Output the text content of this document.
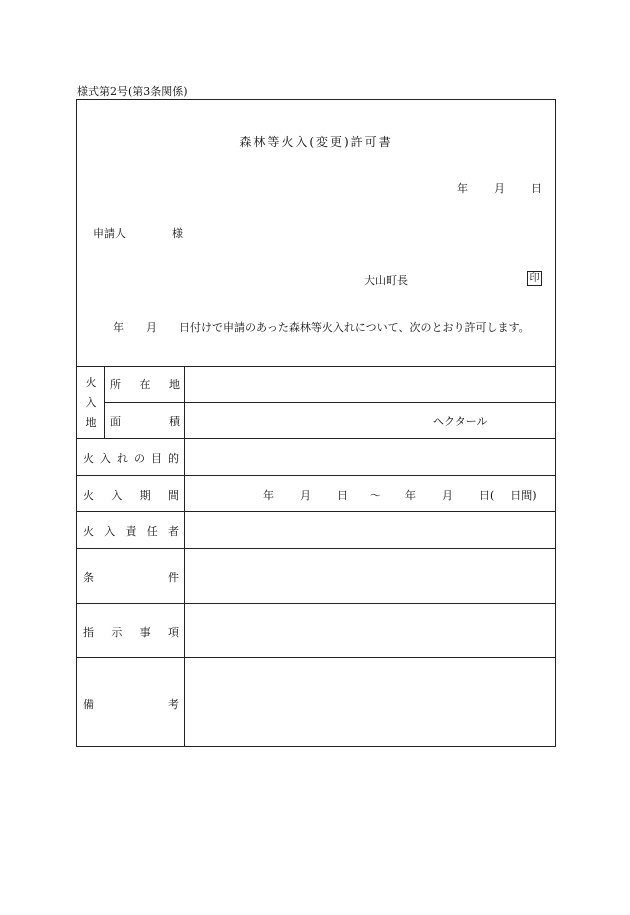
様式第2号(第3条関係)
森林等火入(変更)許可書
年 月 日
申請人	様
大山町長	印
年　　月　　日付けで申請のあった森林等火入れについて、次のとおり許可します。
火
入
地
所 在 地
面	積	ヘクタール
火 入 れ の 目 的
火 入 期 間	年 月 日 〜 年 月 日( 日間)
火 入 責 任 者
条	件
指 示 事 項
備	考
